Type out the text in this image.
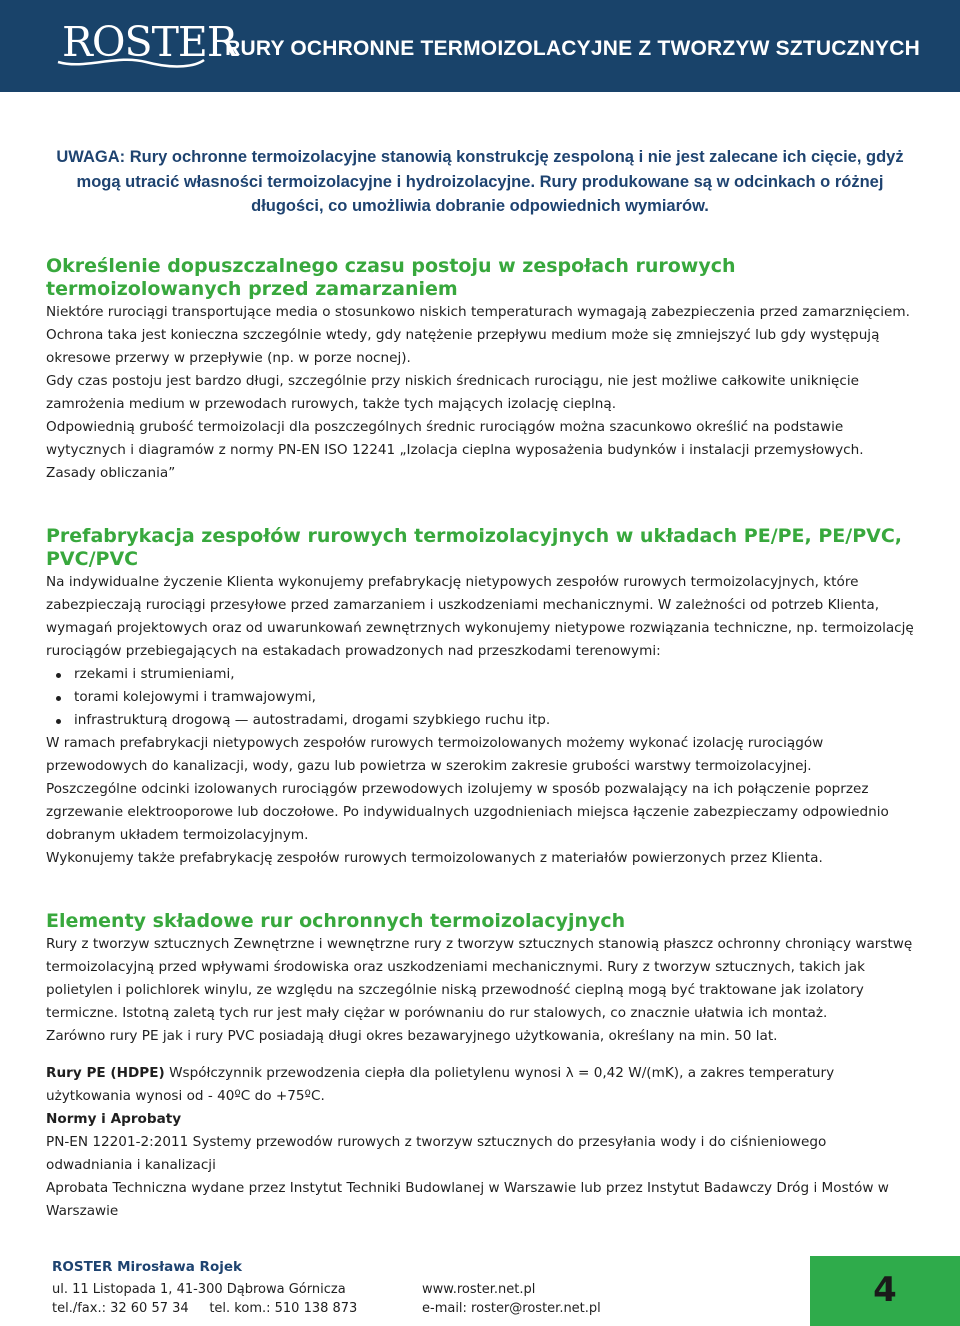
ROSTER
RURY OCHRONNE TERMOIZOLACYJNE Z TWORZYW SZTUCZNYCH
UWAGA: Rury ochronne termoizolacyjne stanowią konstrukcję zespoloną i nie jest zalecane ich cięcie, gdyż
mogą utracić własności termoizolacyjne i hydroizolacyjne. Rury produkowane są w odcinkach o różnej
długości, co umożliwia dobranie odpowiednich wymiarów.
Określenie dopuszczalnego czasu postoju w zespołach rurowych termoizolowanych przed zamarzaniem

Niektóre rurociągi transportujące media o stosunkowo niskich temperaturach wymagają zabezpieczenia przed zamarznięciem. Ochrona taka jest konieczna szczególnie wtedy, gdy natężenie przepływu medium może się zmniejszyć lub gdy występują okresowe przerwy w przepływie (np. w porze nocnej).

Gdy czas postoju jest bardzo długi, szczególnie przy niskich średnicach rurociągu, nie jest możliwe całkowite uniknięcie zamrożenia medium w przewodach rurowych, także tych mających izolację cieplną.

Odpowiednią grubość termoizolacji dla poszczególnych średnic rurociągów można szacunkowo określić na podstawie wytycznych i diagramów z normy PN-EN ISO 12241 „Izolacja cieplna wyposażenia budynków i instalacji przemysłowych. Zasady obliczania”

Prefabrykacja zespołów rurowych termoizolacyjnych w układach PE/PE, PE/PVC, PVC/PVC

Na indywidualne życzenie Klienta wykonujemy prefabrykację nietypowych zespołów rurowych termoizolacyjnych, które zabezpieczają rurociągi przesyłowe przed zamarzaniem i uszkodzeniami mechanicznymi. W zależności od potrzeb Klienta, wymagań projektowych oraz od uwarunkowań zewnętrznych wykonujemy nietypowe rozwiązania techniczne, np. termoizolację rurociągów przebiegających na estakadach prowadzonych nad przeszkodami terenowymi:

rzekami i strumieniami,
torami kolejowymi i tramwajowymi,
infrastrukturą drogową — autostradami, drogami szybkiego ruchu itp.

W ramach prefabrykacji nietypowych zespołów rurowych termoizolowanych możemy wykonać izolację rurociągów przewodowych do kanalizacji, wody, gazu lub powietrza w szerokim zakresie grubości warstwy termoizolacyjnej.

Poszczególne odcinki izolowanych rurociągów przewodowych izolujemy w sposób pozwalający na ich połączenie poprzez zgrzewanie elektrooporowe lub doczołowe. Po indywidualnych uzgodnieniach miejsca łączenie zabezpieczamy odpowiednio dobranym układem termoizolacyjnym.

Wykonujemy także prefabrykację zespołów rurowych termoizolowanych z materiałów powierzonych przez Klienta.

Elementy składowe rur ochronnych termoizolacyjnych

Rury z tworzyw sztucznych Zewnętrzne i wewnętrzne rury z tworzyw sztucznych stanowią płaszcz ochronny chroniący warstwę termoizolacyjną przed wpływami środowiska oraz uszkodzeniami mechanicznymi. Rury z tworzyw sztucznych, takich jak polietylen i polichlorek winylu, ze względu na szczególnie niską przewodność cieplną mogą być traktowane jak izolatory termiczne. Istotną zaletą tych rur jest mały ciężar w porównaniu do rur stalowych, co znacznie ułatwia ich montaż.

Zarówno rury PE jak i rury PVC posiadają długi okres bezawaryjnego użytkowania, określany na min. 50 lat.

Rury PE (HDPE) Współczynnik przewodzenia ciepła dla polietylenu wynosi λ = 0,42 W/(mK), a zakres temperatury użytkowania wynosi od - 40ºC do +75ºC.

Normy i Aprobaty

PN-EN 12201-2:2011 Systemy przewodów rurowych z tworzyw sztucznych do przesyłania wody i do ciśnieniowego odwadniania i kanalizacji

Aprobata Techniczna wydane przez Instytut Techniki Budowlanej w Warszawie lub przez Instytut Badawczy Dróg i Mostów w Warszawie

ROSTER Mirosława Rojek
ul. 11 Listopada 1, 41-300 Dąbrowa Górnicza
tel./fax.: 32 60 57 34     tel. kom.: 510 138 873
www.roster.net.pl
e-mail: roster@roster.net.pl	4
